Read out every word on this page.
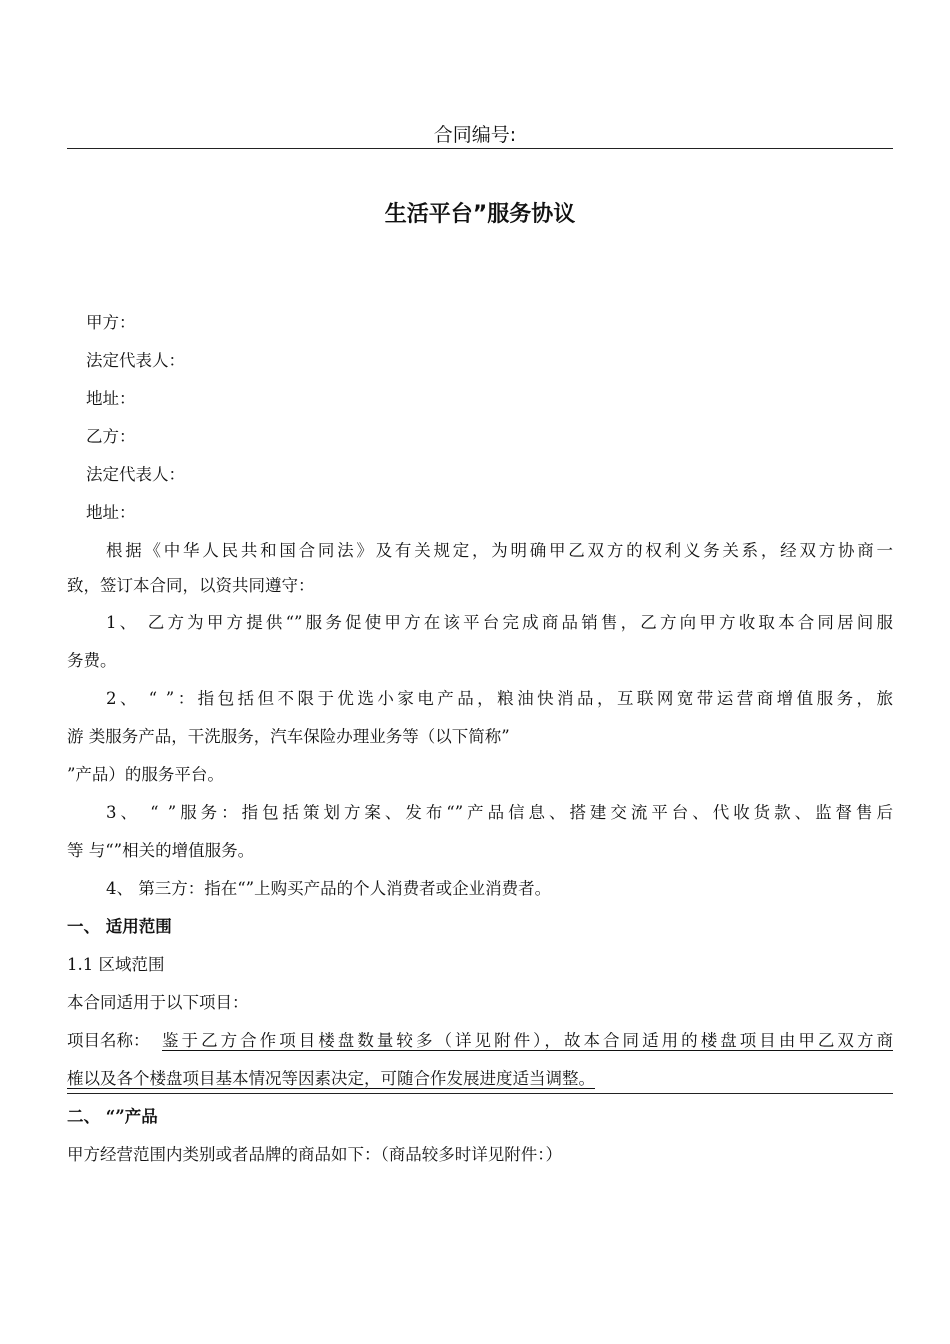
合同编号:
生活平台”服务协议
甲方：
法定代表人：
地址：
乙方：
法定代表人：
地址：
根据《中华人民共和国合同法》及有关规定，为明确甲乙双方的权利义务关系，经双方协商一
致，签订本合同，以资共同遵守：
1、 乙方为甲方提供“”服务促使甲方在该平台完成商品销售，乙方向甲方收取本合同居间服
务费。
2、 “ ”：指包括但不限于优选小家电产品，粮油快消品，互联网宽带运营商增值服务，旅
游 类服务产品，干洗服务，汽车保险办理业务等（以下简称”
”产品）的服务平台。
3、 “ ”服务：指包括策划方案、发布“”产品信息、搭建交流平台、代收货款、监督售后
等 与“”相关的增值服务。
4、 第三方：指在“”上购买产品的个人消费者或企业消费者。
一、 适用范围
1.1 区域范围
本合同适用于以下项目：
项目名称： 鉴于乙方合作项目楼盘数量较多（详见附件），故本合同适用的楼盘项目由甲乙双方商
榷以及各个楼盘项目基本情况等因素决定，可随合作发展进度适当调整。
二、 “”产品
甲方经营范围内类别或者品牌的商品如下：（商品较多时详见附件：）
